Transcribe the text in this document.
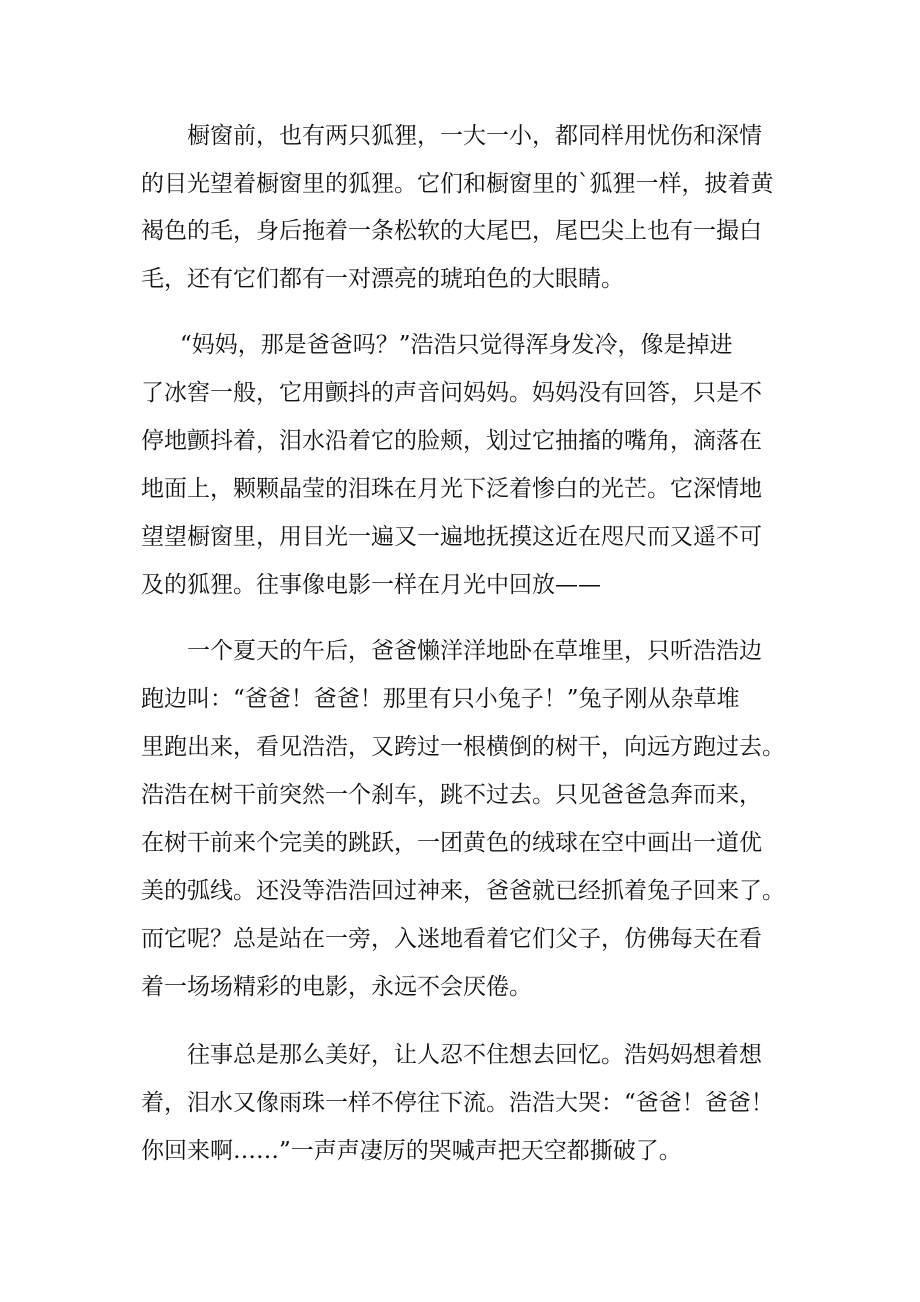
橱窗前，也有两只狐狸，一大一小，都同样用忧伤和深情
的目光望着橱窗里的狐狸。它们和橱窗里的`狐狸一样，披着黄
褐色的毛，身后拖着一条松软的大尾巴，尾巴尖上也有一撮白
毛，还有它们都有一对漂亮的琥珀色的大眼睛。
“妈妈，那是爸爸吗？”浩浩只觉得浑身发冷，像是掉进
了冰窖一般，它用颤抖的声音问妈妈。妈妈没有回答，只是不
停地颤抖着，泪水沿着它的脸颊，划过它抽搐的嘴角，滴落在
地面上，颗颗晶莹的泪珠在月光下泛着惨白的光芒。它深情地
望望橱窗里，用目光一遍又一遍地抚摸这近在咫尺而又遥不可
及的狐狸。往事像电影一样在月光中回放——
一个夏天的午后，爸爸懒洋洋地卧在草堆里，只听浩浩边
跑边叫：“爸爸！爸爸！那里有只小兔子！”兔子刚从杂草堆
里跑出来，看见浩浩，又跨过一根横倒的树干，向远方跑过去。
浩浩在树干前突然一个刹车，跳不过去。只见爸爸急奔而来，
在树干前来个完美的跳跃，一团黄色的绒球在空中画出一道优
美的弧线。还没等浩浩回过神来，爸爸就已经抓着兔子回来了。
而它呢？总是站在一旁，入迷地看着它们父子，仿佛每天在看
着一场场精彩的电影，永远不会厌倦。
往事总是那么美好，让人忍不住想去回忆。浩妈妈想着想
着，泪水又像雨珠一样不停往下流。浩浩大哭：“爸爸！爸爸！
你回来啊……”一声声凄厉的哭喊声把天空都撕破了。
